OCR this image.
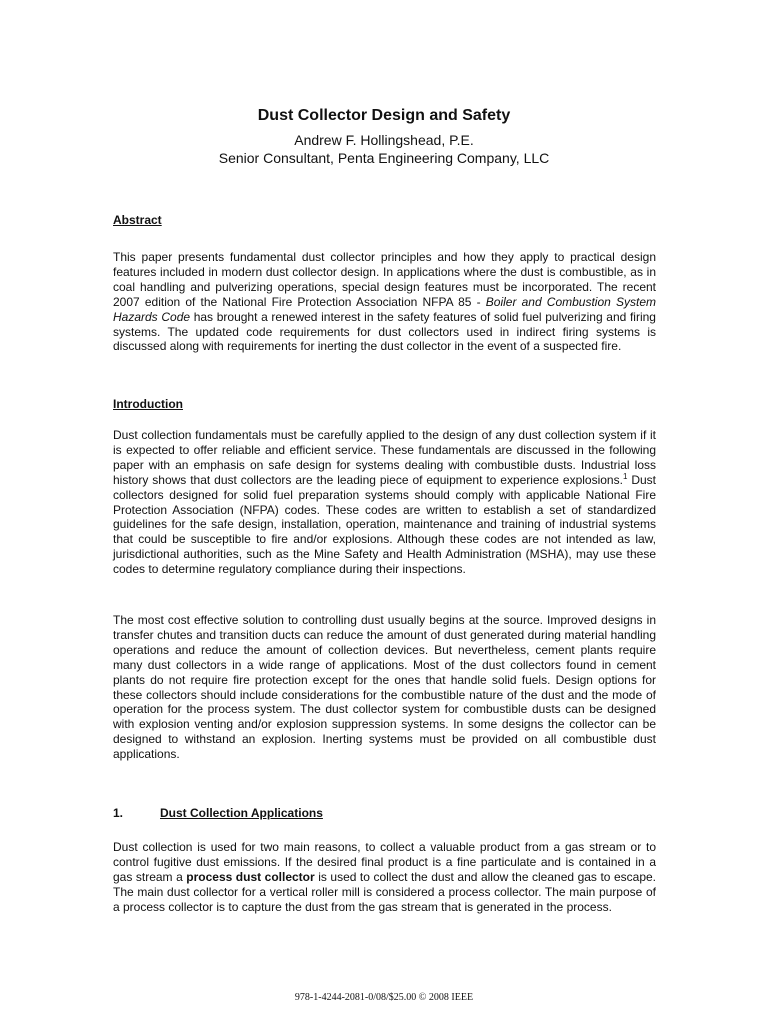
Dust Collector Design and Safety
Andrew F. Hollingshead, P.E.
Senior Consultant, Penta Engineering Company, LLC
Abstract

This paper presents fundamental dust collector principles and how they apply to practical design features included in modern dust collector design. In applications where the dust is combustible, as in coal handling and pulverizing operations, special design features must be incorporated. The recent 2007 edition of the National Fire Protection Association NFPA 85 - Boiler and Combustion System Hazards Code has brought a renewed interest in the safety features of solid fuel pulverizing and firing systems. The updated code requirements for dust collectors used in indirect firing systems is discussed along with requirements for inerting the dust collector in the event of a suspected fire.

Introduction

Dust collection fundamentals must be carefully applied to the design of any dust collection system if it is expected to offer reliable and efficient service. These fundamentals are discussed in the following paper with an emphasis on safe design for systems dealing with combustible dusts. Industrial loss history shows that dust collectors are the leading piece of equipment to experience explosions.$^1$ Dust collectors designed for solid fuel preparation systems should comply with applicable National Fire Protection Association (NFPA) codes. These codes are written to establish a set of standardized guidelines for the safe design, installation, operation, maintenance and training of industrial systems that could be susceptible to fire and/or explosions. Although these codes are not intended as law, jurisdictional authorities, such as the Mine Safety and Health Administration (MSHA), may use these codes to determine regulatory compliance during their inspections.

The most cost effective solution to controlling dust usually begins at the source. Improved designs in transfer chutes and transition ducts can reduce the amount of dust generated during material handling operations and reduce the amount of collection devices. But nevertheless, cement plants require many dust collectors in a wide range of applications. Most of the dust collectors found in cement plants do not require fire protection except for the ones that handle solid fuels. Design options for these collectors should include considerations for the combustible nature of the dust and the mode of operation for the process system. The dust collector system for combustible dusts can be designed with explosion venting and/or explosion suppression systems. In some designs the collector can be designed to withstand an explosion. Inerting systems must be provided on all combustible dust applications.

1.	Dust Collection Applications

Dust collection is used for two main reasons, to collect a valuable product from a gas stream or to control fugitive dust emissions. If the desired final product is a fine particulate and is contained in a gas stream a process dust collector is used to collect the dust and allow the cleaned gas to escape. The main dust collector for a vertical roller mill is considered a process collector. The main purpose of a process collector is to capture the dust from the gas stream that is generated in the process.

978-1-4244-2081-0/08/$25.00 © 2008 IEEE
